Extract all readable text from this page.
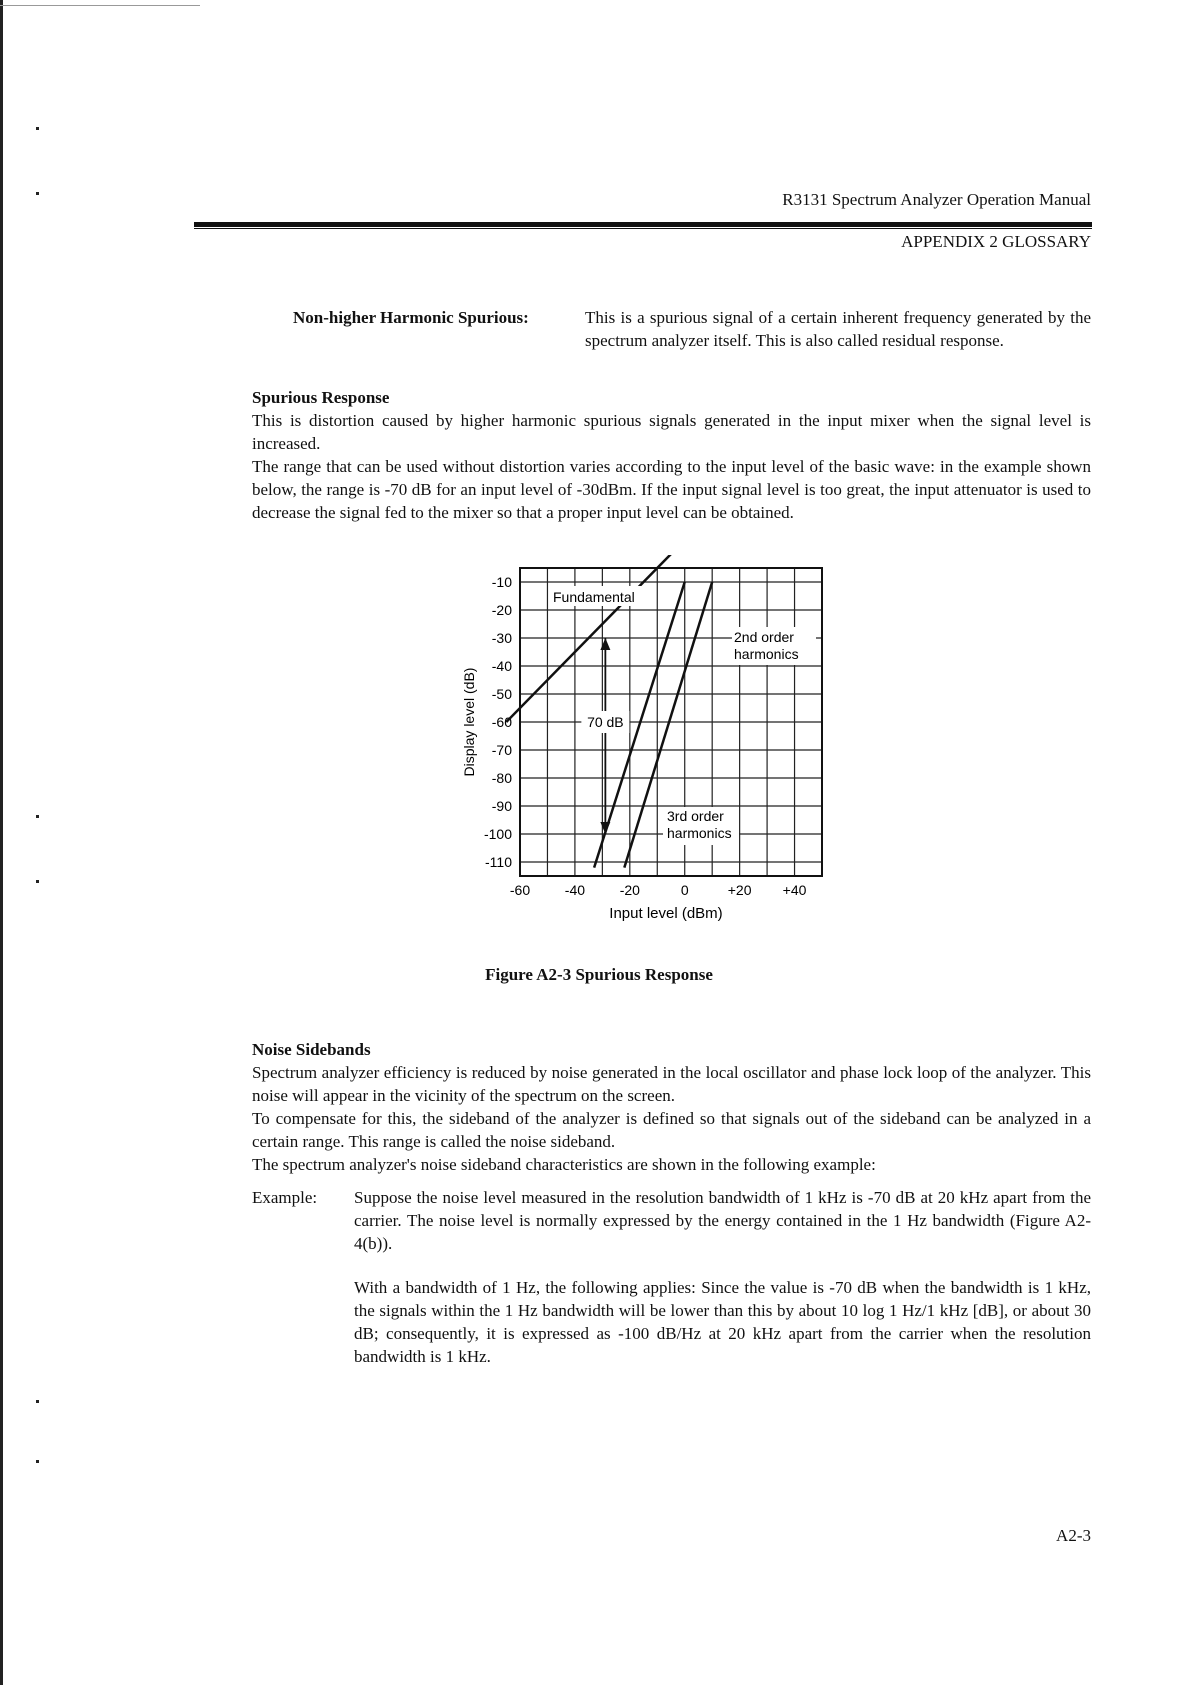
R3131 Spectrum Analyzer Operation Manual
APPENDIX 2 GLOSSARY
Non-higher Harmonic Spurious:	This is a spurious signal of a certain inherent frequency generated by the spectrum analyzer itself. This is also called residual response.
Spurious Response
This is distortion caused by higher harmonic spurious signals generated in the input mixer when the signal level is increased.
The range that can be used without distortion varies according to the input level of the basic wave: in the example shown below, the range is -70 dB for an input level of -30dBm. If the input signal level is too great, the input attenuator is used to decrease the signal fed to the mixer so that a proper input level can be obtained.
-10
-20
-30
-40
-50
-60
-70
-80
-90
-100
-110
-60 -40 -20	0	+20 +40
Display level (dB)
Input level (dBm)
Fundamental
2nd order
harmonics
3rd order
harmonics
70 dB
Figure A2-3 Spurious Response
Noise Sidebands
Spectrum analyzer efficiency is reduced by noise generated in the local oscillator and phase lock loop of the analyzer. This noise will appear in the vicinity of the spectrum on the screen.
To compensate for this, the sideband of the analyzer is defined so that signals out of the sideband can be analyzed in a certain range. This range is called the noise sideband.
The spectrum analyzer's noise sideband characteristics are shown in the following example:
Example: Suppose the noise level measured in the resolution bandwidth of 1 kHz is -70 dB at 20 kHz apart from the carrier. The noise level is normally expressed by the energy contained in the 1 Hz bandwidth (Figure A2-4(b)).
With a bandwidth of 1 Hz, the following applies: Since the value is -70 dB when the bandwidth is 1 kHz, the signals within the 1 Hz bandwidth will be lower than this by about 10 log 1 Hz/1 kHz [dB], or about 30 dB; consequently, it is expressed as -100 dB/Hz at 20 kHz apart from the carrier when the resolution bandwidth is 1 kHz.
A2-3
